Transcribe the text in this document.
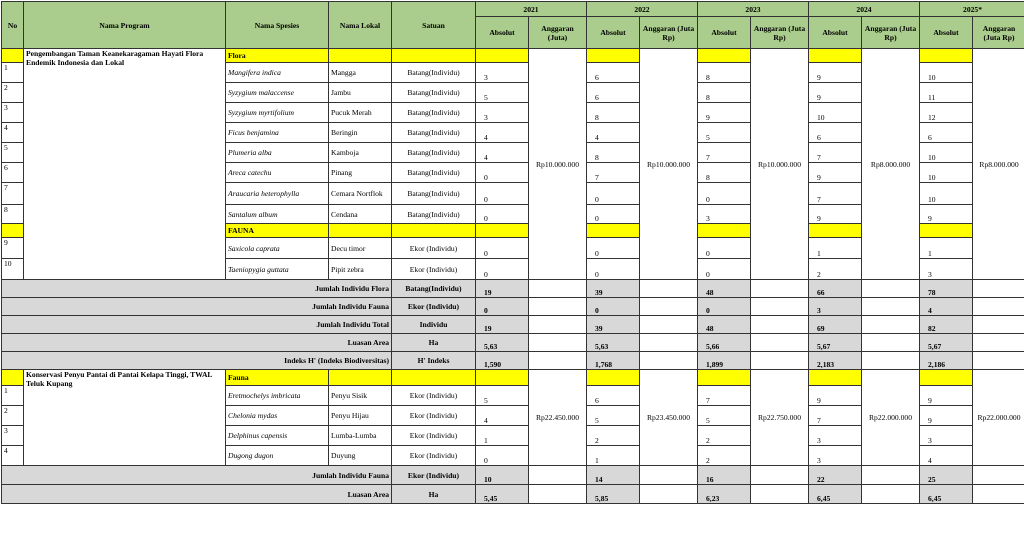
No	Nama Program	Nama Spesies	Nama Lokal	Satuan	2021		2022		2023		2024		2025*	
					Absolut	Anggaran (Juta)	Absolut	Anggaran (Juta Rp)	Absolut	Anggaran (Juta Rp)	Absolut	Anggaran (Juta Rp)	Absolut	Anggaran (Juta Rp)
	Pengembangan Taman Keanekaragaman Hayati Flora Endemik Indonesia dan Lokal	Flora				Rp10.000.000		Rp10.000.000		Rp10.000.000		Rp8.000.000		Rp8.000.000
1		Mangifera indica	Mangga	Batang(Individu)	3		6		8		9		10	
2		Syzygium malaccense	Jambu	Batang(Individu)	5		6		8		9		11	
3		Syzygium myrtifolium	Pucuk Merah	Batang(Individu)	3		8		9		10		12	
4		Ficus benjamina	Beringin	Batang(Individu)	4		4		5		6		6	
5		Plumeria alba	Kamboja	Batang(Individu)	4		8		7		7		10	
6		Areca catechu	Pinang	Batang(Individu)	0		7		8		9		10	
7		Araucaria heterophylla	Cemara Nortflok	Batang(Individu)	0		0		0		7		10	
8		Santalum album	Cendana	Batang(Individu)	0		0		3		9		9	
		FAUNA												
9		Saxicola caprata	Decu timor	Ekor (Individu)	0		0		0		1		1	
10		Taeniopygia guttata	Pipit zebra	Ekor (Individu)	0		0		0		2		3	
Jumlah Individu Flora				Batang(Individu)	19		39		48		66		78	
Jumlah Individu Fauna				Ekor (Individu)	0		0		0		3		4	
Jumlah Individu Total				Individu	19		39		48		69		82	
Luasan Area				Ha	5,63		5,63		5,66		5,67		5,67	
Indeks H' (Indeks Biodiversitas)				H' Indeks	1,590		1,768		1,899		2,183		2,186	
	Konservasi Penyu Pantai di Pantai Kelapa Tinggi, TWAL Teluk Kupang	Fauna				Rp22.450.000		Rp23.450.000		Rp22.750.000		Rp22.000.000		Rp22.000.000
1		Eretmochelys imbricata	Penyu Sisik	Ekor (Individu)	5		6		7		9		9	
2		Chelonia mydas	Penyu Hijau	Ekor (Individu)	4		5		5		7		9	
3		Delphinus capensis	Lumba-Lumba	Ekor (Individu)	1		2		2		3		3	
4		Dugong dugon	Duyung	Ekor (Individu)	0		1		2		3		4	
Jumlah Individu Fauna				Ekor (Individu)	10		14		16		22		25	
Luasan Area				Ha	5,45		5,85		6,23		6,45		6,45	
